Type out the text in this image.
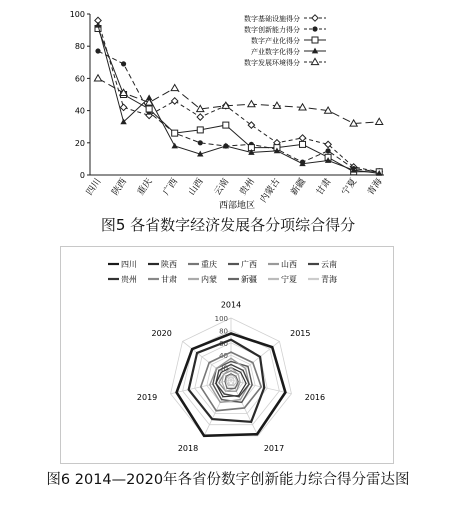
0
20
40
60
80
100
四川 陕西 重庆 广西 山西 云南 贵州 内蒙古 新疆 甘肃 宁夏 青海
西部地区
数字基础设施得分
数字创新能力得分
数字产业化得分
产业数字化得分
数字发展环境得分
图5 各省数字经济发展各分项综合得分
20
40
60
80
100
2014
2015
2016
2017
2018
2019
2020
四川	陕西	重庆	广西	山西	云南
贵州	甘肃	内蒙	新疆	宁夏	青海
图6 2014—2020年各省份数字创新能力综合得分雷达图
